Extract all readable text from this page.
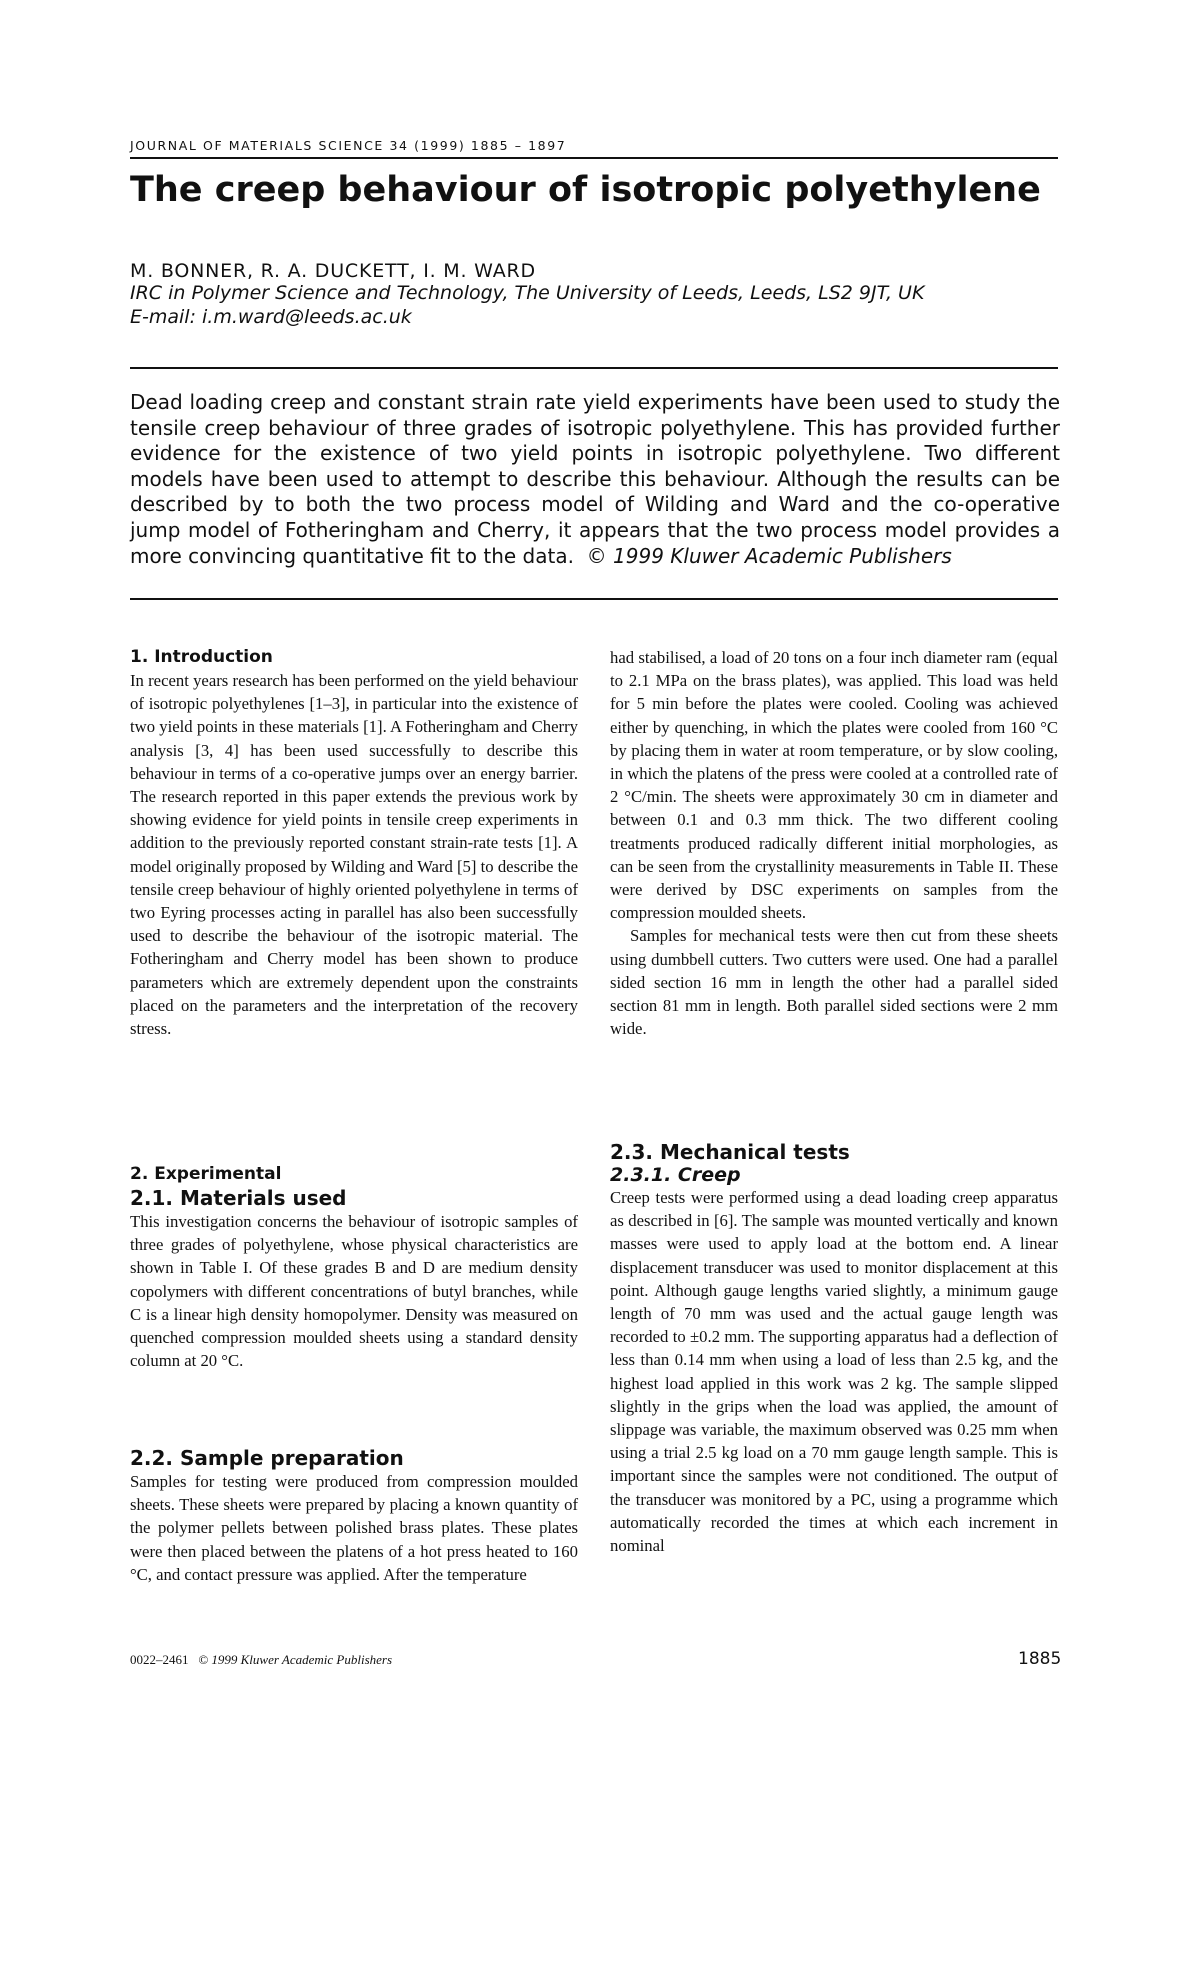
JOURNAL OF MATERIALS SCIENCE 34 (1999) 1885 – 1897
The creep behaviour of isotropic polyethylene
M. BONNER, R. A. DUCKETT, I. M. WARD
IRC in Polymer Science and Technology, The University of Leeds, Leeds, LS2 9JT, UK
E-mail: i.m.ward@leeds.ac.uk
Dead loading creep and constant strain rate yield experiments have been used to study the
tensile creep behaviour of three grades of isotropic polyethylene. This has provided further
evidence for the existence of two yield points in isotropic polyethylene. Two different
models have been used to attempt to describe this behaviour. Although the results can be
described by to both the two process model of Wilding and Ward and the co-operative
jump model of Fotheringham and Cherry, it appears that the two process model provides a
more convincing quantitative fit to the data. © 1999 Kluwer Academic Publishers
1. Introduction

In recent years research has been performed on the yield behaviour of isotropic polyethylenes [1–3], in particular into the existence of two yield points in these materials [1]. A Fotheringham and Cherry analysis [3, 4] has been used successfully to describe this behaviour in terms of a co-operative jumps over an energy barrier. The research reported in this paper extends the previous work by showing evidence for yield points in tensile creep experiments in addition to the previously reported constant strain-rate tests [1]. A model originally proposed by Wilding and Ward [5] to describe the tensile creep behaviour of highly oriented polyethylene in terms of two Eyring processes acting in parallel has also been successfully used to describe the behaviour of the isotropic material. The Fotheringham and Cherry model has been shown to produce parameters which are extremely dependent upon the constraints placed on the parameters and the interpretation of the recovery stress.

2. Experimental
2.1. Materials used

This investigation concerns the behaviour of isotropic samples of three grades of polyethylene, whose physical characteristics are shown in Table I. Of these grades B and D are medium density copolymers with different concentrations of butyl branches, while C is a linear high density homopolymer. Density was measured on quenched compression moulded sheets using a standard density column at 20 °C.

2.2. Sample preparation

Samples for testing were produced from compression moulded sheets. These sheets were prepared by placing a known quantity of the polymer pellets between polished brass plates. These plates were then placed between the platens of a hot press heated to 160 °C, and contact pressure was applied. After the temperature

had stabilised, a load of 20 tons on a four inch diameter ram (equal to 2.1 MPa on the brass plates), was applied. This load was held for 5 min before the plates were cooled. Cooling was achieved either by quenching, in which the plates were cooled from 160 °C by placing them in water at room temperature, or by slow cooling, in which the platens of the press were cooled at a controlled rate of 2 °C/min. The sheets were approximately 30 cm in diameter and between 0.1 and 0.3 mm thick. The two different cooling treatments produced radically different initial morphologies, as can be seen from the crystallinity measurements in Table II. These were derived by DSC experiments on samples from the compression moulded sheets.

Samples for mechanical tests were then cut from these sheets using dumbbell cutters. Two cutters were used. One had a parallel sided section 16 mm in length the other had a parallel sided section 81 mm in length. Both parallel sided sections were 2 mm wide.

2.3. Mechanical tests
2.3.1. Creep

Creep tests were performed using a dead loading creep apparatus as described in [6]. The sample was mounted vertically and known masses were used to apply load at the bottom end. A linear displacement transducer was used to monitor displacement at this point. Although gauge lengths varied slightly, a minimum gauge length of 70 mm was used and the actual gauge length was recorded to ±0.2 mm. The supporting apparatus had a deflection of less than 0.14 mm when using a load of less than 2.5 kg, and the highest load applied in this work was 2 kg. The sample slipped slightly in the grips when the load was applied, the amount of slippage was variable, the maximum observed was 0.25 mm when using a trial 2.5 kg load on a 70 mm gauge length sample. This is important since the samples were not conditioned. The output of the transducer was monitored by a PC, using a programme which automatically recorded the times at which each increment in nominal

0022–2461 © 1999 Kluwer Academic Publishers	1885
